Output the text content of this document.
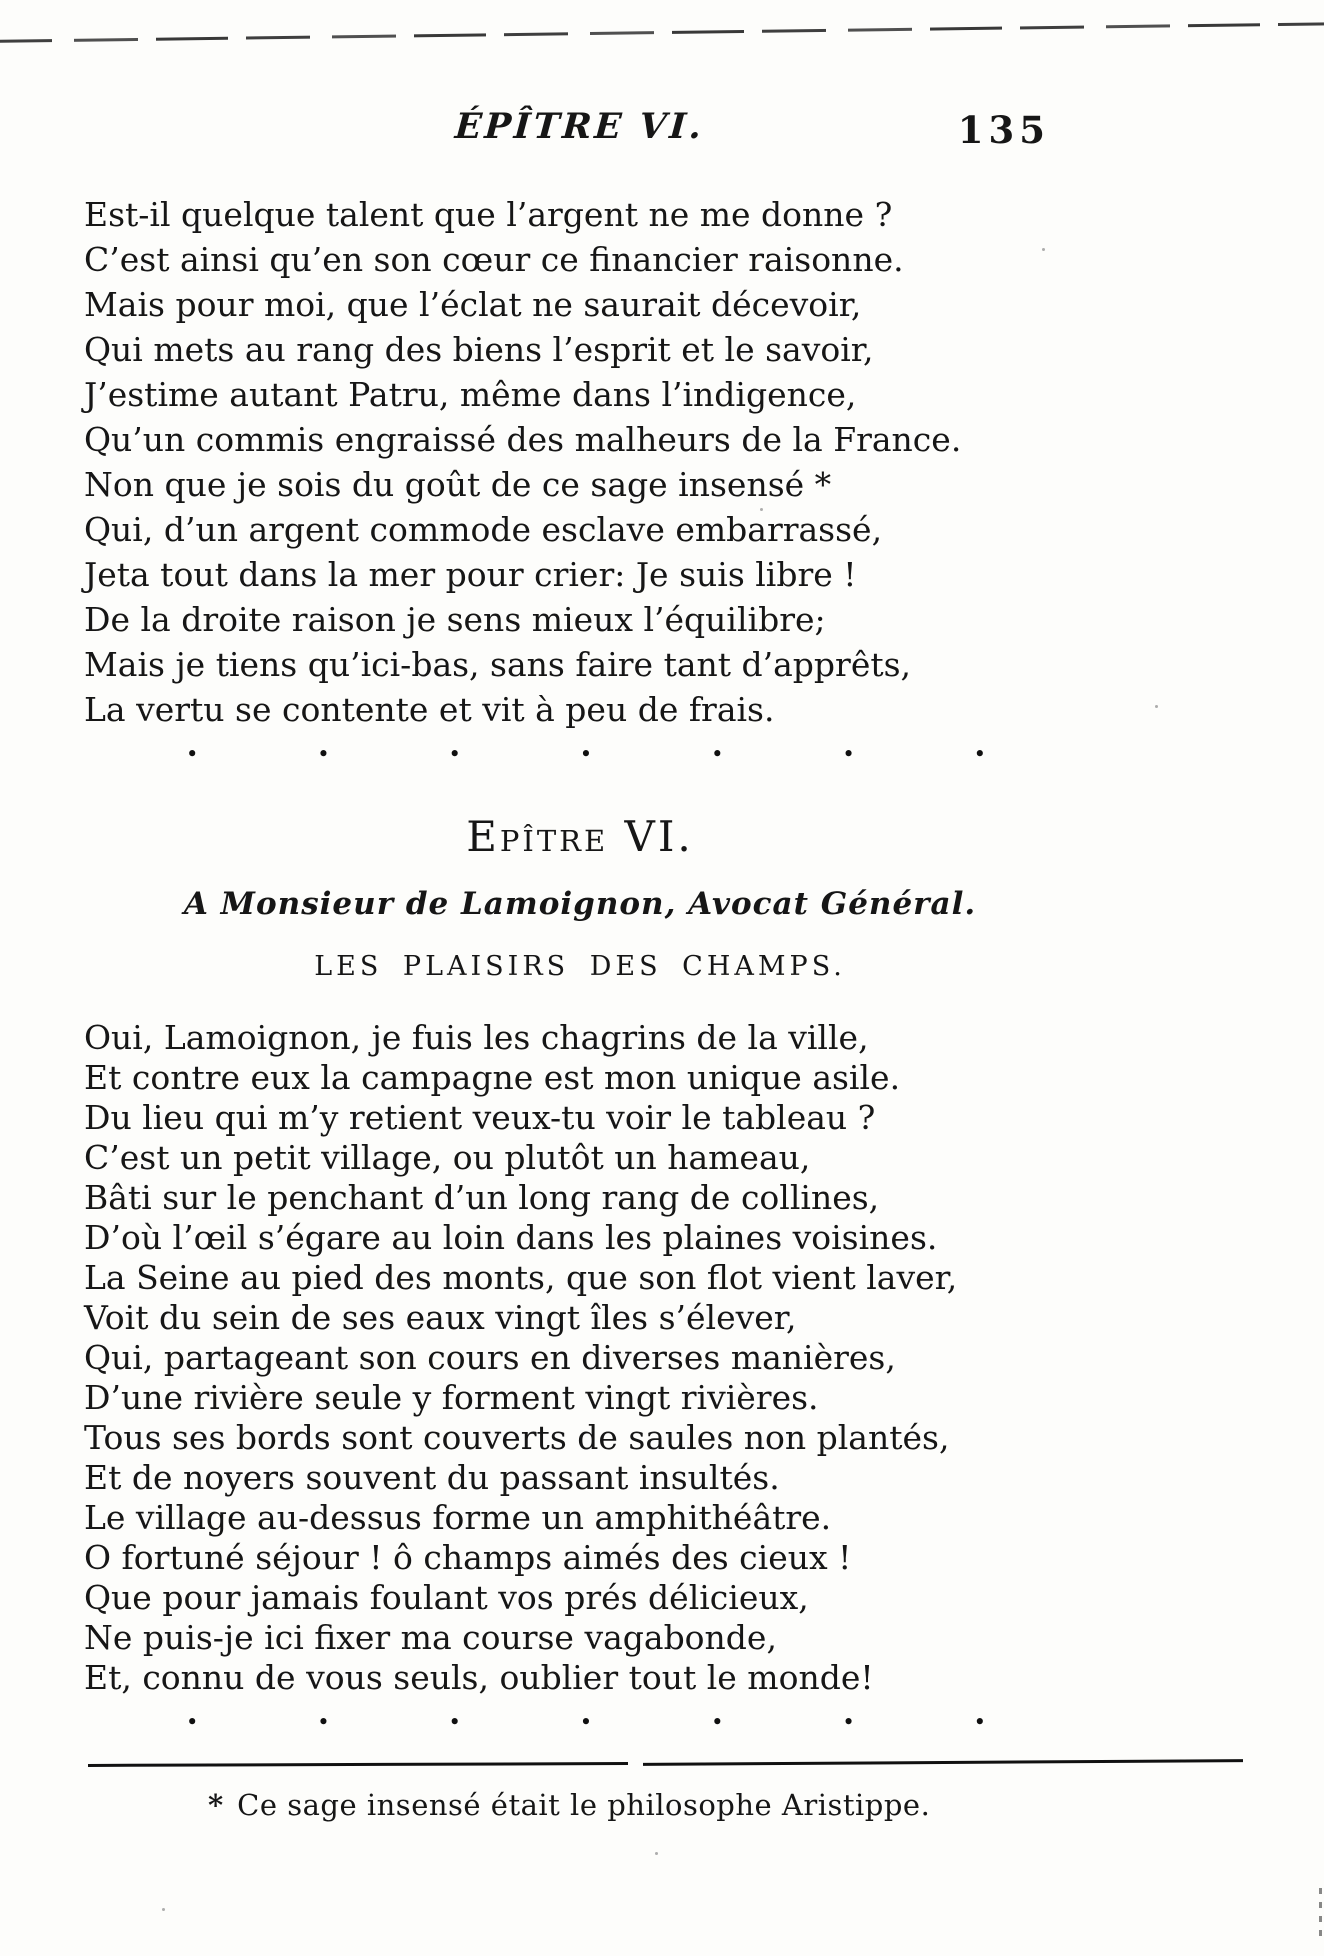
ÉPÎTRE VI.	135
Est-il quelque talent que l’argent ne me donne ?
C’est ainsi qu’en son cœur ce financier raisonne.
Mais pour moi, que l’éclat ne saurait décevoir,
Qui mets au rang des biens l’esprit et le savoir,
J’estime autant Patru, même dans l’indigence,
Qu’un commis engraissé des malheurs de la France.
Non que je sois du goût de ce sage insensé *
Qui, d’un argent commode esclave embarrassé,
Jeta tout dans la mer pour crier: Je suis libre !
De la droite raison je sens mieux l’équilibre;
Mais je tiens qu’ici-bas, sans faire tant d’apprêts,
La vertu se contente et vit à peu de frais.
•	•	•	•	•	•	•
Epître VI.
A Monsieur de Lamoignon, Avocat Général.
LES PLAISIRS DES CHAMPS.
Oui, Lamoignon, je fuis les chagrins de la ville,
Et contre eux la campagne est mon unique asile.
Du lieu qui m’y retient veux-tu voir le tableau ?
C’est un petit village, ou plutôt un hameau,
Bâti sur le penchant d’un long rang de collines,
D’où l’œil s’égare au loin dans les plaines voisines.
La Seine au pied des monts, que son flot vient laver,
Voit du sein de ses eaux vingt îles s’élever,
Qui, partageant son cours en diverses manières,
D’une rivière seule y forment vingt rivières.
Tous ses bords sont couverts de saules non plantés,
Et de noyers souvent du passant insultés.
Le village au-dessus forme un amphithéâtre.
O fortuné séjour ! ô champs aimés des cieux !
Que pour jamais foulant vos prés délicieux,
Ne puis-je ici fixer ma course vagabonde,
Et, connu de vous seuls, oublier tout le monde!
•	•	•	•	•	•	•
* Ce sage insensé était le philosophe Aristippe.
